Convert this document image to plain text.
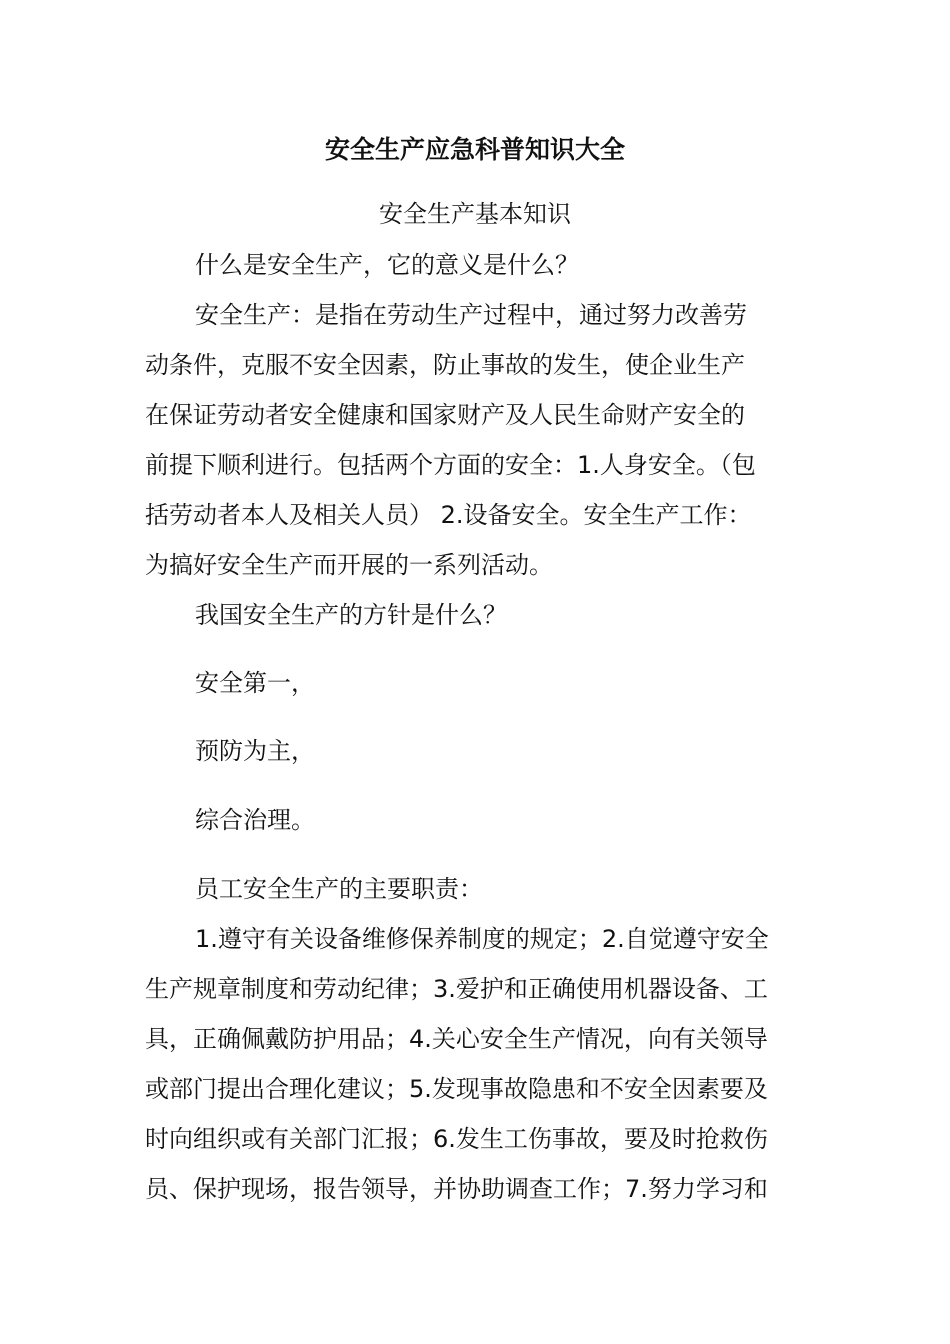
安全生产应急科普知识大全
安全生产基本知识

什么是安全生产，它的意义是什么？

安全生产：是指在劳动生产过程中，通过努力改善劳
动条件，克服不安全因素，防止事故的发生，使企业生产
在保证劳动者安全健康和国家财产及人民生命财产安全的
前提下顺利进行。包括两个方面的安全：1.人身安全。（包
括劳动者本人及相关人员） 2.设备安全。安全生产工作：
为搞好安全生产而开展的一系列活动。

我国安全生产的方针是什么？

安全第一，

预防为主，

综合治理。

员工安全生产的主要职责：

1.遵守有关设备维修保养制度的规定；2.自觉遵守安全
生产规章制度和劳动纪律；3.爱护和正确使用机器设备、工
具，正确佩戴防护用品；4.关心安全生产情况，向有关领导
或部门提出合理化建议；5.发现事故隐患和不安全因素要及
时向组织或有关部门汇报；6.发生工伤事故，要及时抢救伤
员、保护现场，报告领导，并协助调查工作；7.努力学习和
